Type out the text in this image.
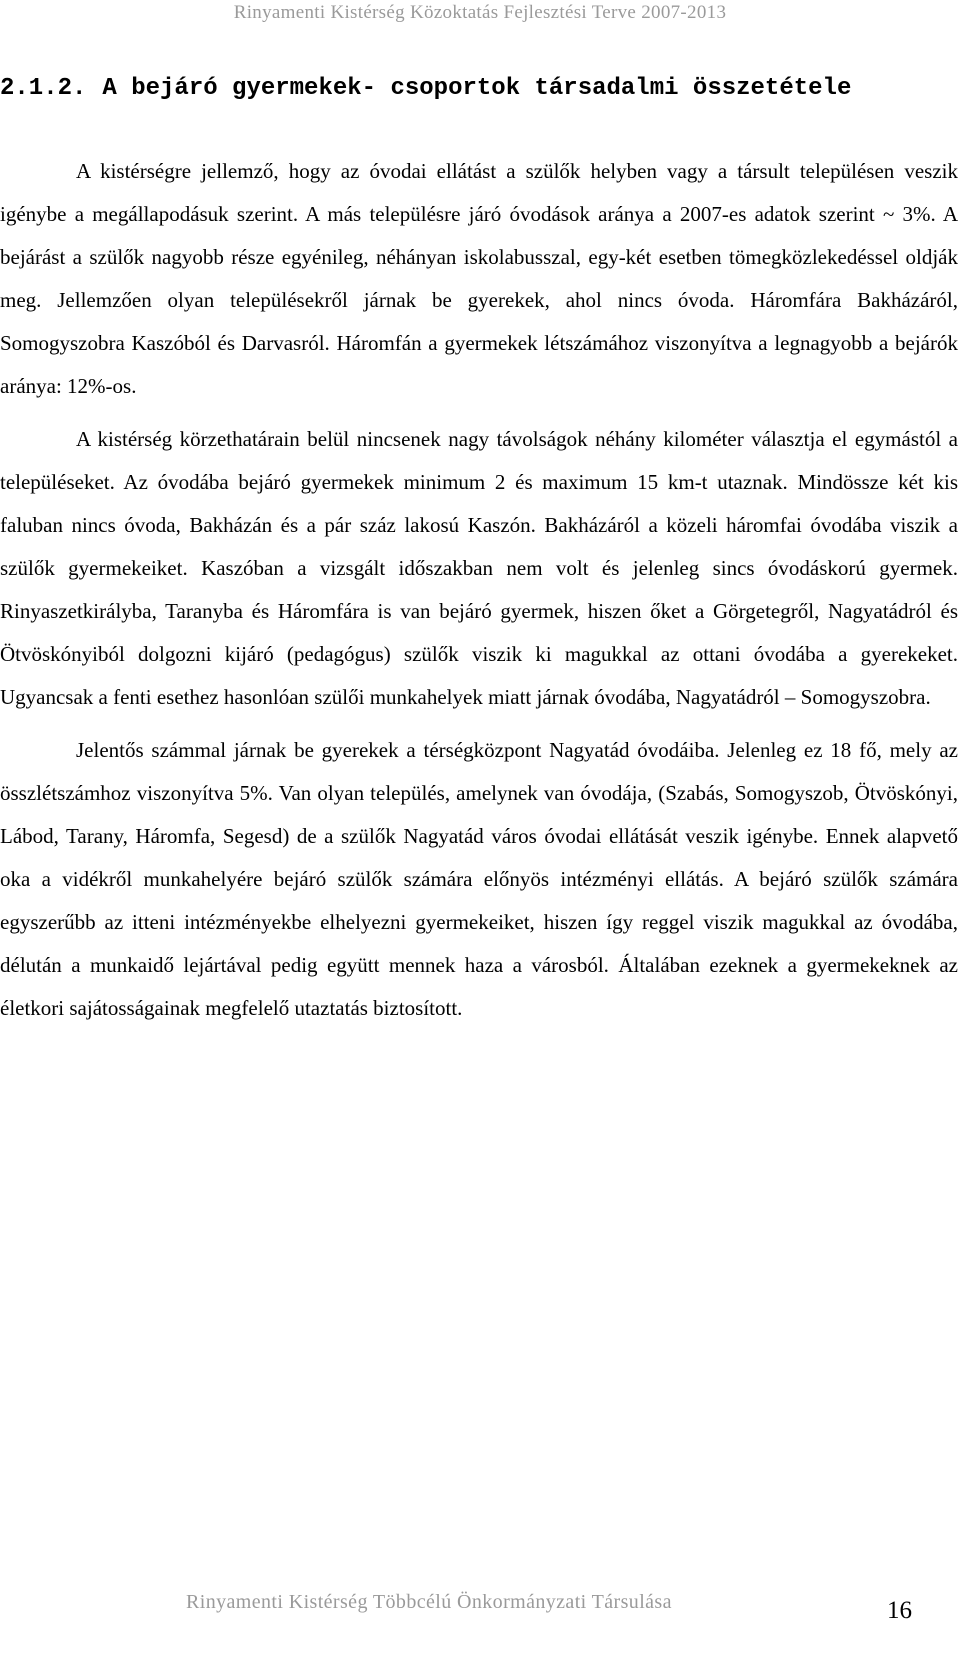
Rinyamenti Kistérség Közoktatás Fejlesztési Terve 2007-2013
2.1.2. A bejáró gyermekek- csoportok társadalmi összetétele

A kistérségre jellemző, hogy az óvodai ellátást a szülők helyben vagy a társult településen veszik igénybe a megállapodásuk szerint. A más településre járó óvodások aránya a 2007-es adatok szerint ~ 3%. A bejárást a szülők nagyobb része egyénileg, néhányan iskolabusszal, egy-két esetben tömegközlekedéssel oldják meg. Jellemzően olyan településekről járnak be gyerekek, ahol nincs óvoda. Háromfára Bakházáról, Somogyszobra Kaszóból és Darvasról. Háromfán a gyermekek létszámához viszonyítva a legnagyobb a bejárók aránya: 12%-os.

A kistérség körzethatárain belül nincsenek nagy távolságok néhány kilométer választja el egymástól a településeket. Az óvodába bejáró gyermekek minimum 2 és maximum 15 km-t utaznak. Mindössze két kis faluban nincs óvoda, Bakházán és a pár száz lakosú Kaszón. Bakházáról a közeli háromfai óvodába viszik a szülők gyermekeiket. Kaszóban a vizsgált időszakban nem volt és jelenleg sincs óvodáskorú gyermek. Rinyaszetkirályba, Taranyba és Háromfára is van bejáró gyermek, hiszen őket a Görgetegről, Nagyatádról és Ötvöskónyiból dolgozni kijáró (pedagógus) szülők viszik ki magukkal az ottani óvodába a gyerekeket. Ugyancsak a fenti esethez hasonlóan szülői munkahelyek miatt járnak óvodába, Nagyatádról – Somogyszobra.

Jelentős számmal járnak be gyerekek a térségközpont Nagyatád óvodáiba. Jelenleg ez 18 fő, mely az összlétszámhoz viszonyítva 5%. Van olyan település, amelynek van óvodája, (Szabás, Somogyszob, Ötvöskónyi, Lábod, Tarany, Háromfa, Segesd) de a szülők Nagyatád város óvodai ellátását veszik igénybe. Ennek alapvető oka a vidékről munkahelyére bejáró szülők számára előnyös intézményi ellátás. A bejáró szülők számára egyszerűbb az itteni intézményekbe elhelyezni gyermekeiket, hiszen így reggel viszik magukkal az óvodába, délután a munkaidő lejártával pedig együtt mennek haza a városból. Általában ezeknek a gyermekeknek az életkori sajátosságainak megfelelő utaztatás biztosított.

Rinyamenti Kistérség Többcélú Önkormányzati Társulása	16
